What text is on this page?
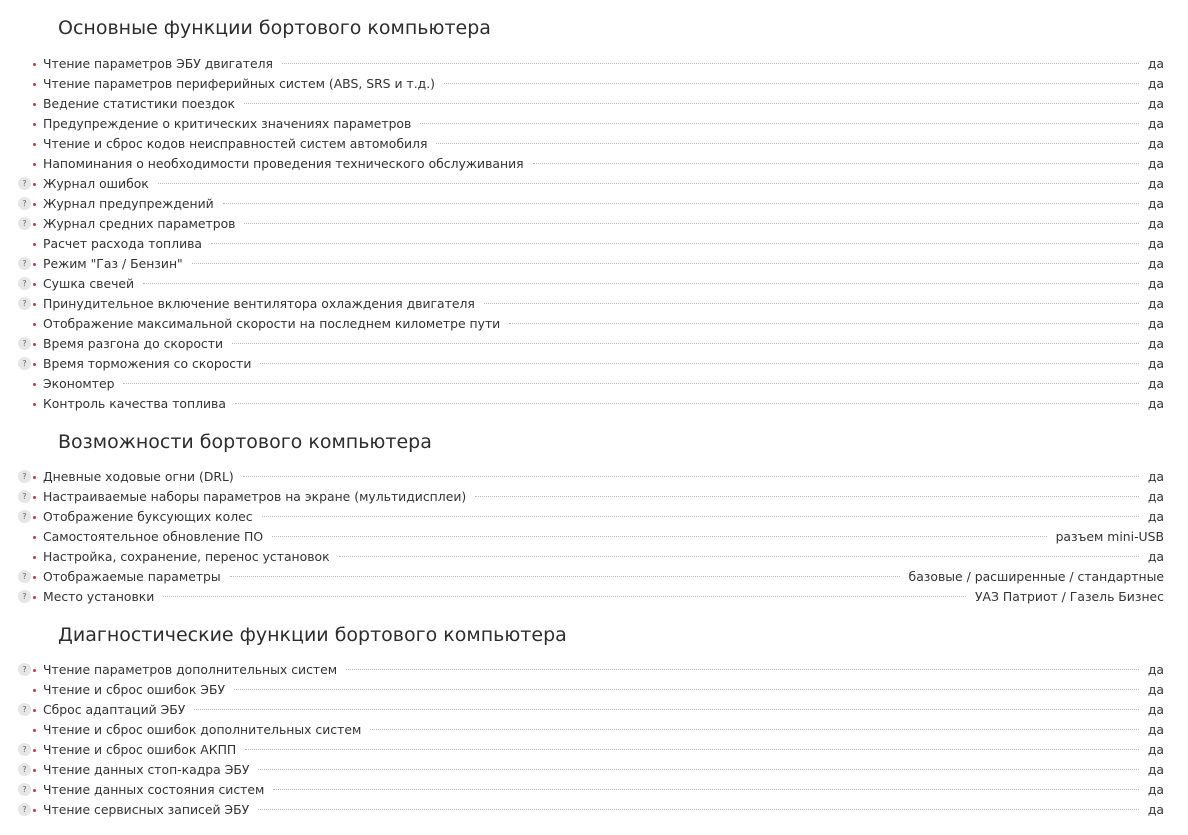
Основные функции бортового компьютера
Чтение параметров ЭБУ двигателя	да
Чтение параметров периферийных систем (ABS, SRS и т.д.)	да
Ведение статистики поездок	да
Предупреждение о критических значениях параметров	да
Чтение и сброс кодов неисправностей систем автомобиля	да
Напоминания о необходимости проведения технического обслуживания	да
?	Журнал ошибок	да
?	Журнал предупреждений	да
?	Журнал средних параметров	да
Расчет расхода топлива	да
?	Режим "Газ / Бензин"	да
?	Сушка свечей	да
?	Принудительное включение вентилятора охлаждения двигателя	да
Отображение максимальной скорости на последнем километре пути	да
?	Время разгона до скорости	да
?	Время торможения со скорости	да
Экономтер	да
Контроль качества топлива	да
Возможности бортового компьютера
?	Дневные ходовые огни (DRL)	да
?	Настраиваемые наборы параметров на экране (мультидисплеи)	да
?	Отображение буксующих колес	да
Самостоятельное обновление ПО	разъем mini-USB
Настройка, сохранение, перенос установок	да
?	Отображаемые параметры	базовые / расширенные / стандартные
?	Место установки	УАЗ Патриот / Газель Бизнес
Диагностические функции бортового компьютера
?	Чтение параметров дополнительных систем	да
Чтение и сброс ошибок ЭБУ	да
?	Сброс адаптаций ЭБУ	да
Чтение и сброс ошибок дополнительных систем	да
?	Чтение и сброс ошибок АКПП	да
?	Чтение данных стоп-кадра ЭБУ	да
?	Чтение данных состояния систем	да
?	Чтение сервисных записей ЭБУ	да
